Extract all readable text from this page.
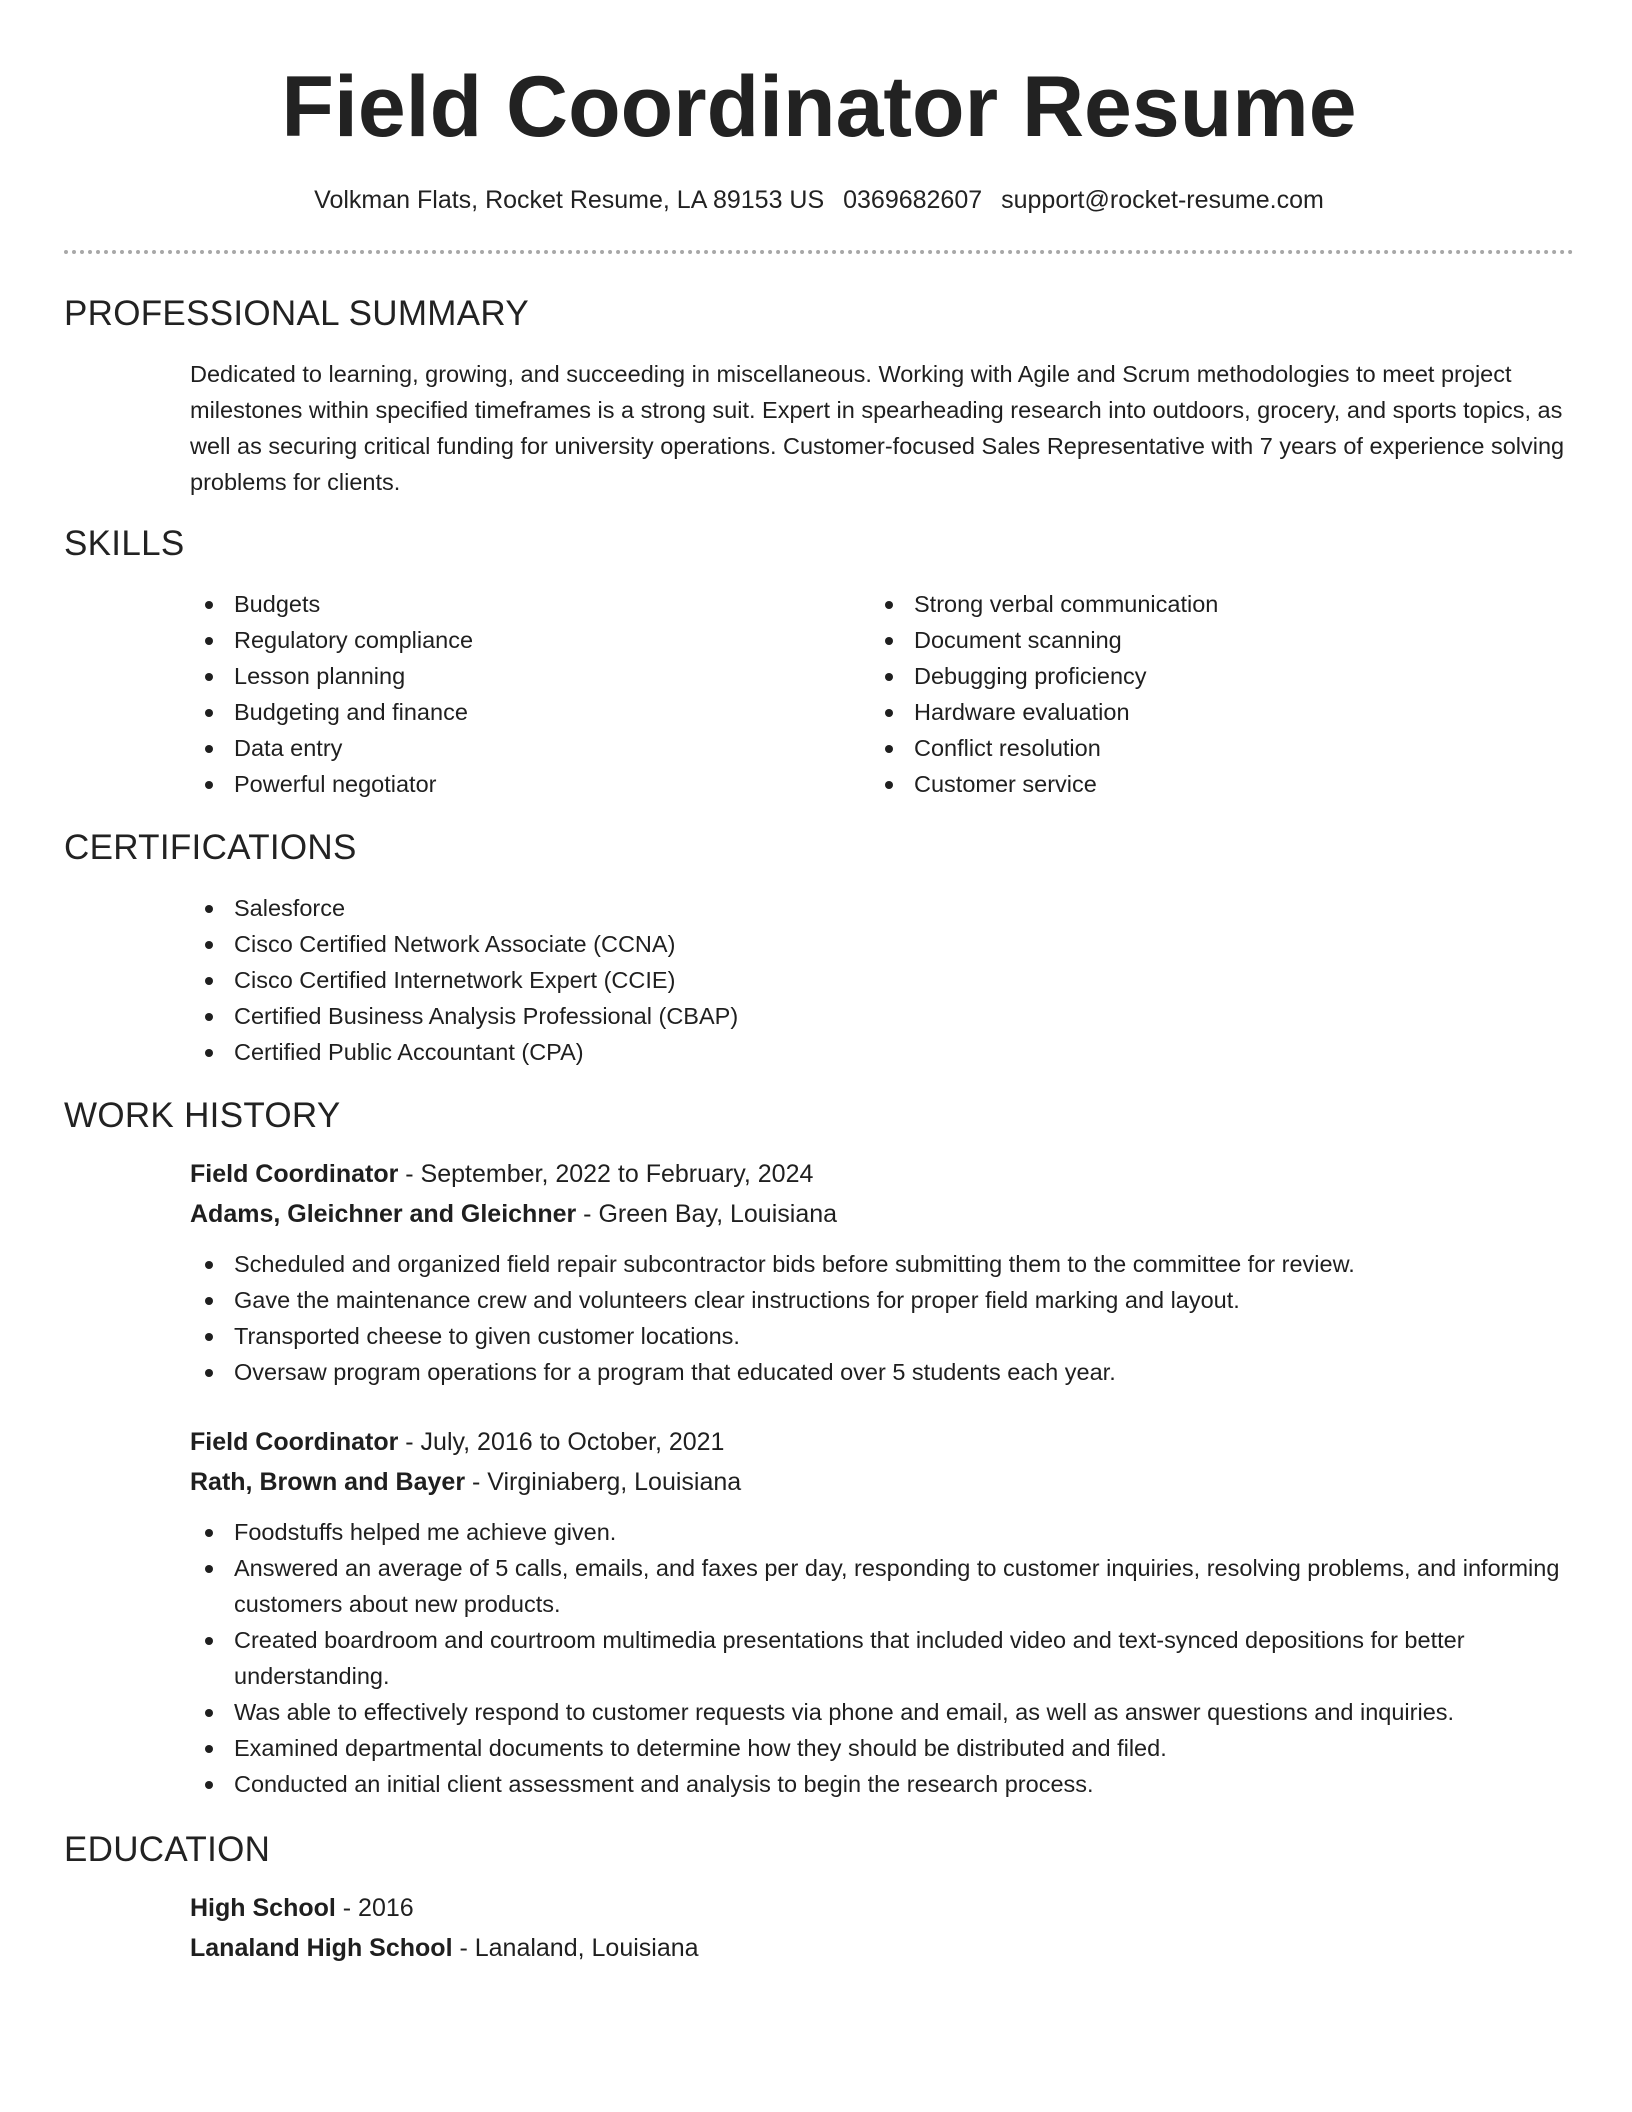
Field Coordinator Resume
Volkman Flats, Rocket Resume, LA 89153 US 0369682607 support@rocket-resume.com
PROFESSIONAL SUMMARY

Dedicated to learning, growing, and succeeding in miscellaneous. Working with Agile and Scrum methodologies to meet project milestones within specified timeframes is a strong suit. Expert in spearheading research into outdoors, grocery, and sports topics, as well as securing critical funding for university operations. Customer-focused Sales Representative with 7 years of experience solving problems for clients.

SKILLS
Budgets
Regulatory compliance
Lesson planning
Budgeting and finance
Data entry
Powerful negotiator
Strong verbal communication
Document scanning
Debugging proficiency
Hardware evaluation
Conflict resolution
Customer service
CERTIFICATIONS
Salesforce
Cisco Certified Network Associate (CCNA)
Cisco Certified Internetwork Expert (CCIE)
Certified Business Analysis Professional (CBAP)
Certified Public Accountant (CPA)
WORK HISTORY
Field Coordinator - September, 2022 to February, 2024
Adams, Gleichner and Gleichner - Green Bay, Louisiana
Scheduled and organized field repair subcontractor bids before submitting them to the committee for review.
Gave the maintenance crew and volunteers clear instructions for proper field marking and layout.
Transported cheese to given customer locations.
Oversaw program operations for a program that educated over 5 students each year.
Field Coordinator - July, 2016 to October, 2021
Rath, Brown and Bayer - Virginiaberg, Louisiana
Foodstuffs helped me achieve given.
Answered an average of 5 calls, emails, and faxes per day, responding to customer inquiries, resolving problems, and informing customers about new products.
Created boardroom and courtroom multimedia presentations that included video and text-synced depositions for better understanding.
Was able to effectively respond to customer requests via phone and email, as well as answer questions and inquiries.
Examined departmental documents to determine how they should be distributed and filed.
Conducted an initial client assessment and analysis to begin the research process.
EDUCATION
High School - 2016
Lanaland High School - Lanaland, Louisiana
